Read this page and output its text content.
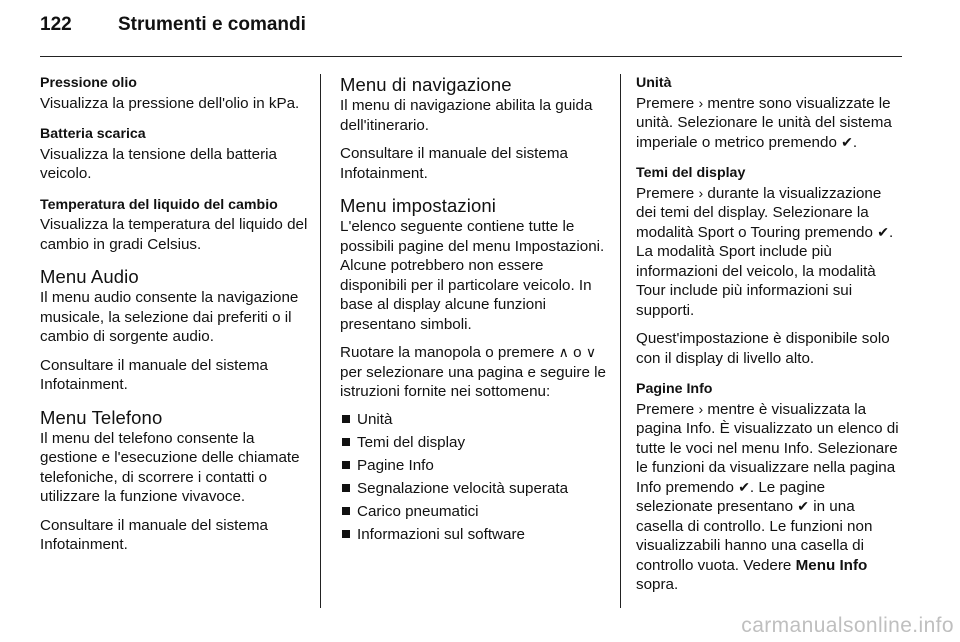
122	Strumenti e comandi
Pressione olio
Visualizza la pressione dell'olio in kPa.
Batteria scarica
Visualizza la tensione della batteria veicolo.
Temperatura del liquido del cambio
Visualizza la temperatura del liquido del cambio in gradi Celsius.
Menu Audio
Il menu audio consente la navigazione musicale, la selezione dai preferiti o il cambio di sorgente audio.
Consultare il manuale del sistema Infotainment.
Menu Telefono
Il menu del telefono consente la gestione e l'esecuzione delle chiamate telefoniche, di scorrere i contatti o utilizzare la funzione vivavoce.
Consultare il manuale del sistema Infotainment.
Menu di navigazione
Il menu di navigazione abilita la guida dell'itinerario.
Consultare il manuale del sistema Infotainment.
Menu impostazioni
L'elenco seguente contiene tutte le possibili pagine del menu Impostazioni. Alcune potrebbero non essere disponibili per il particolare veicolo. In base al display alcune funzioni presentano simboli.
Ruotare la manopola o premere ∧ o ∨ per selezionare una pagina e seguire le istruzioni fornite nei sottomenu:
Unità
Temi del display
Pagine Info
Segnalazione velocità superata
Carico pneumatici
Informazioni sul software
Unità
Premere › mentre sono visualizzate le unità. Selezionare le unità del sistema imperiale o metrico premendo ✔.
Temi del display
Premere › durante la visualizzazione dei temi del display. Selezionare la modalità Sport o Touring premendo ✔. La modalità Sport include più informazioni del veicolo, la modalità Tour include più informazioni sui supporti.
Quest'impostazione è disponibile solo con il display di livello alto.
Pagine Info
Premere › mentre è visualizzata la pagina Info. È visualizzato un elenco di tutte le voci nel menu Info. Selezionare le funzioni da visualizzare nella pagina Info premendo ✔. Le pagine selezionate presentano ✔ in una casella di controllo. Le funzioni non visualizzabili hanno una casella di controllo vuota. Vedere Menu Info sopra.
carmanualsonline.info
